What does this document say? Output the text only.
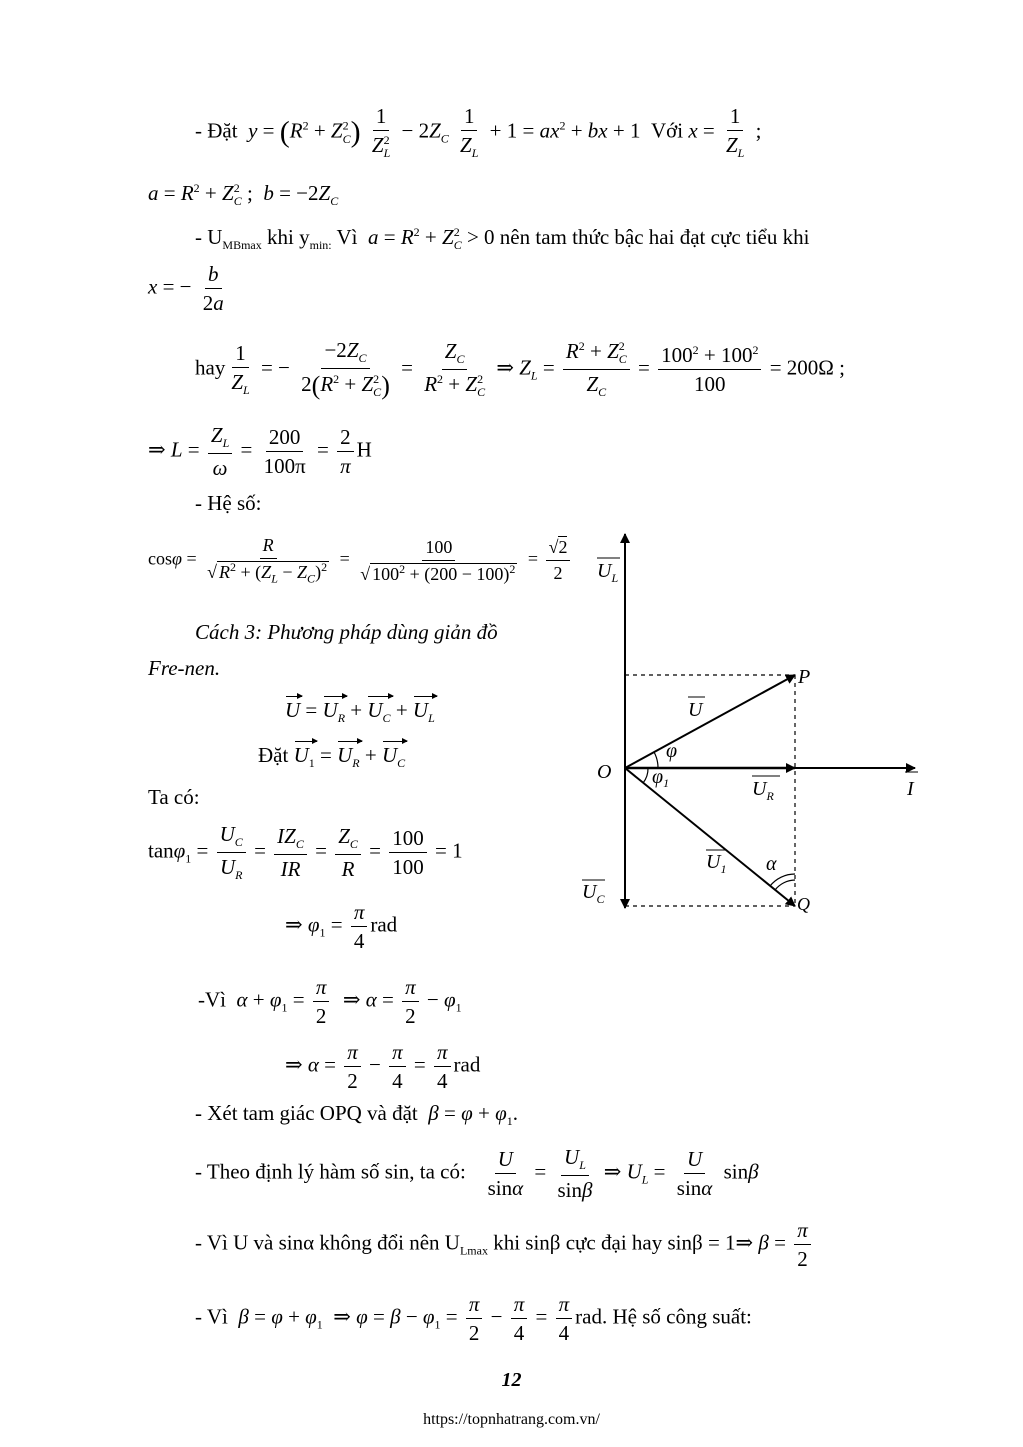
- Đặt  $y = (R^2 + Z^2_C) \frac{1}{Z^2_L} - 2Z_C \frac{1}{Z_L} + 1 = ax^2$ + bx + 1  Với $x = \frac{1}{Z_L}$ ;
$a = R^2 + Z^2_C$ ;  $b = -2Z_C$
- $U_{MBmax}$ khi $y_{min:}$ Vì $a = R^2 + Z^2_C > 0$ nên tam thức bậc hai đạt cực tiểu khi
x = − $\frac{b}{2a}$
hay $\frac{1}{Z_L}$ = − $\frac{-2Z_C}{2(R^2 + Z^2_C)} = \frac{Z_C}{R^2 + Z^2_C}$ ⇒ $Z_L = \frac{R^2 + Z^2_C}{Z_C} = \frac{100^2 + 100^2}{100} = 200\Omega$ ;
⇒ $L = \frac{Z_L}{\omega} = \frac{200}{100\pi} = \frac{2}{\pi}$ H
- Hệ số:
$\cos\varphi = \frac{R}{√ R^2 + (Z_L - Z_C)^2} = \frac{100}{√ 100^2 + (200 - 100)^2} = \frac{√2}{2}$
Cách 3: Phương pháp dùng giản đồ
Fre-nen.
$U = U_R + U_C + U_L$
Đặt $U_1 = U_R + U_C$
Ta có:
$\tan\varphi_1 = \frac{U_C}{U_R}$ =
$IZ_C$
IR
= $\frac{Z_C}{R} = \frac{100}{100} = 1$
⇒ $\varphi_1 = \frac{\pi}{4}$ rad
-Vì $\alpha + \varphi_1 = \frac{\pi}{2}$ ⇒ $\alpha = \frac{\pi}{2} - \varphi_1$
⇒ $\alpha = \frac{\pi}{2} - \frac{\pi}{4} = \frac{\pi}{4}$ rad
- Xét tam giác OPQ và đặt $\beta = \varphi + \varphi_1$.
- Theo định lý hàm số sin, ta có: $\frac{U}{\sin\alpha} = \frac{U_L}{\sin\beta}$ ⇒ $U_L = \frac{U}{\sin\alpha}$ sinβ
- Vì U và sinα không đổi nên $U_{Lmax}$ khi sinβ cực đại hay sinβ = 1⇒ $\beta = \frac{\pi}{2}$
- Vì $\beta = \varphi + \varphi_1$  ⇒ $\varphi = \beta - \varphi_1 = \frac{\pi}{2} - \frac{\pi}{4} = \frac{\pi}{4}$ rad. Hệ số công suất:
12
https://topnhatrang.com.vn/
$U_L$
P
U
φ
O $\varphi_1$	$U_R$	I
$U_1$ α
$U_C$	Q
